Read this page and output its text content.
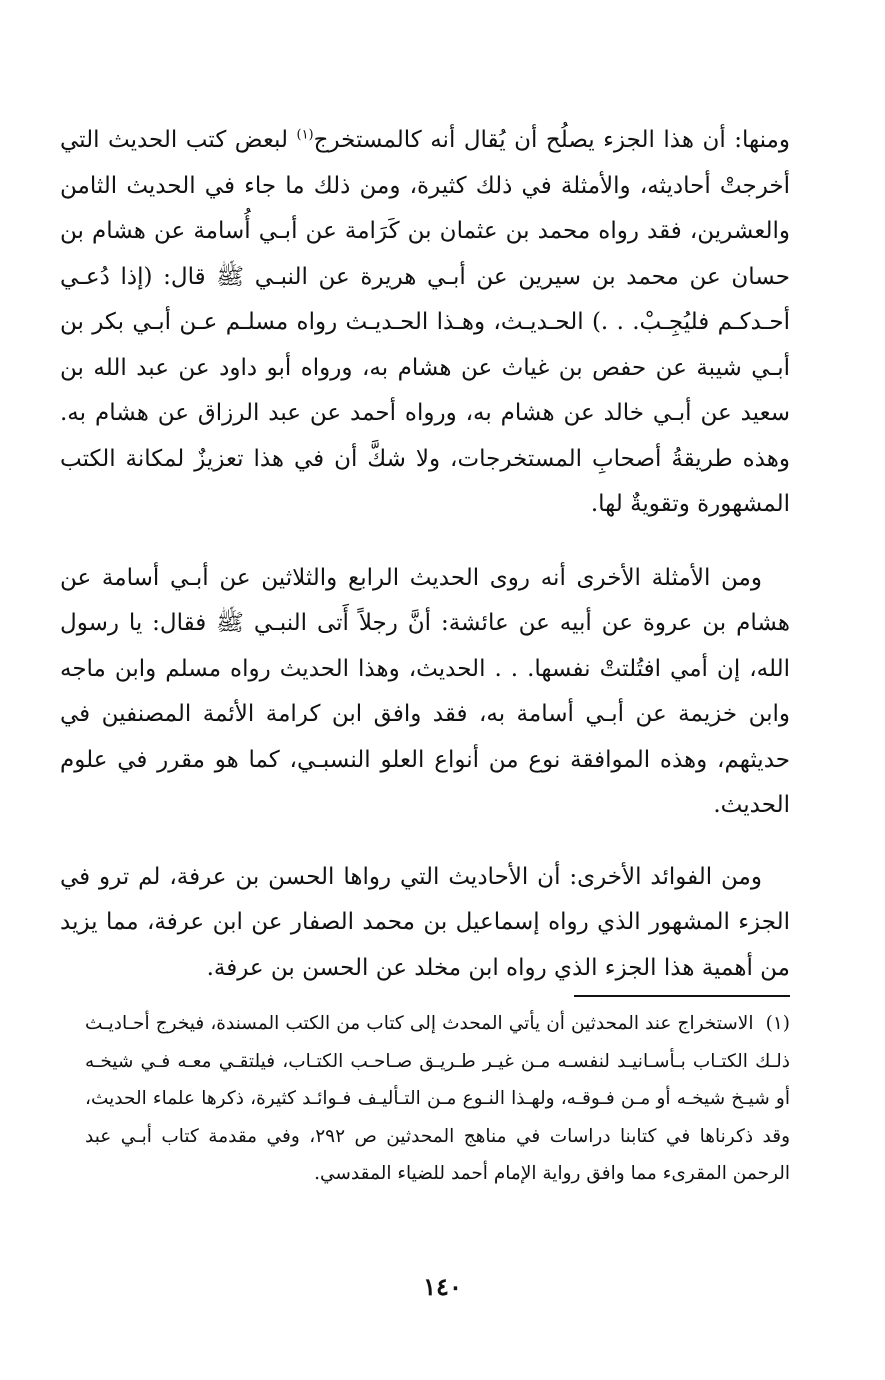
ومنها: أن هذا الجزء يصلُح أن يُقال أنه كالمستخرج$^{(١)}$ لبعض كتب الحديث التي أخرجتْ أحاديثه، والأمثلة في ذلك كثيرة، ومن ذلك ما جاء في الحديث الثامن والعشرين، فقد رواه محمد بن عثمان بن كَرَامة عن أبـي أُسامة عن هشام بن حسان عن محمد بن سيرين عن أبـي هريرة عن النبـي ﷺ قال: (إذا دُعـي أحـدكـم فليُجِـبْ. . .) الحـديـث، وهـذا الحـديـث رواه مسلـم عـن أبـي بكر بن أبـي شيبة عن حفص بن غياث عن هشام به، ورواه أبو داود عن عبد الله بن سعيد عن أبـي خالد عن هشام به، ورواه أحمد عن عبد الرزاق عن هشام به. وهذه طريقةُ أصحابِ المستخرجات، ولا شكَّ أن في هذا تعزيزٌ لمكانة الكتب المشهورة وتقويةٌ لها.

ومن الأمثلة الأخرى أنه روى الحديث الرابع والثلاثين عن أبـي أسامة عن هشام بن عروة عن أبيه عن عائشة: أنَّ رجلاً أَتى النبـي ﷺ فقال: يا رسول الله، إن أمي افتُلتتْ نفسها. . . الحديث، وهذا الحديث رواه مسلم وابن ماجه وابن خزيمة عن أبـي أسامة به، فقد وافق ابن كرامة الأئمة المصنفين في حديثهم، وهذه الموافقة نوع من أنواع العلو النسبـي، كما هو مقرر في علوم الحديث.

ومن الفوائد الأخرى: أن الأحاديث التي رواها الحسن بن عرفة، لم ترو في الجزء المشهور الذي رواه إسماعيل بن محمد الصفار عن ابن عرفة، مما يزيد من أهمية هذا الجزء الذي رواه ابن مخلد عن الحسن بن عرفة.

(١) الاستخراج عند المحدثين أن يأتي المحدث إلى كتاب من الكتب المسندة، فيخرج أحـاديـث ذلـك الكتـاب بـأسـانيـد لنفسـه مـن غيـر طـريـق صـاحـب الكتـاب، فيلتقـي معـه فـي شيخـه أو شيـخ شيخـه أو مـن فـوقـه، ولهـذا النـوع مـن التـأليـف فـوائـد كثيرة، ذكرها علماء الحديث، وقد ذكرناها في كتابنا دراسات في مناهج المحدثين ص ٢٩٢، وفي مقدمة كتاب أبـي عبد الرحمن المقرىء مما وافق رواية الإمام أحمد للضياء المقدسي.
١٤٠
